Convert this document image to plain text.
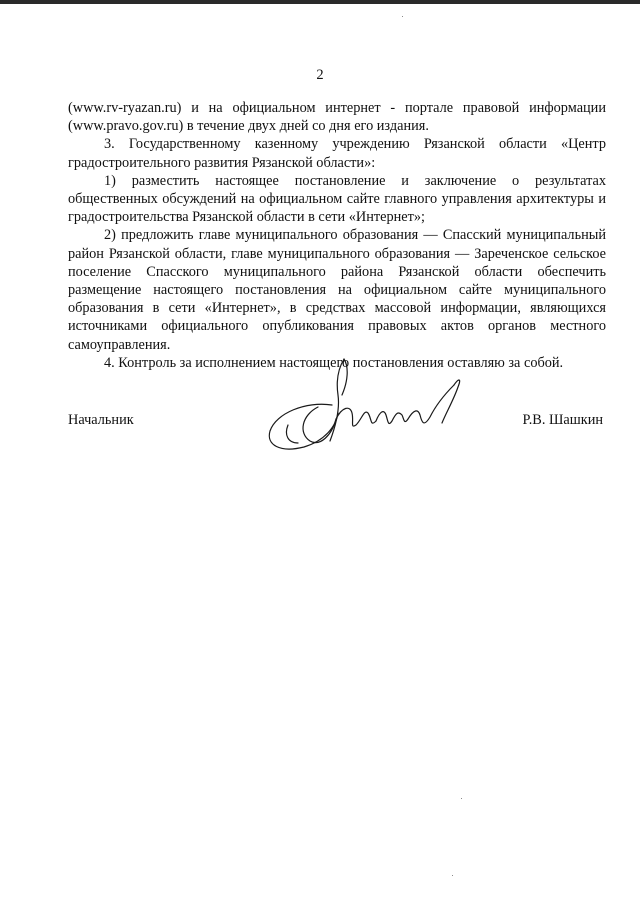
2

(www.rv-ryazan.ru) и на официальном интернет - портале правовой информации (www.pravo.gov.ru) в течение двух дней со дня его издания.

3. Государственному казенному учреждению Рязанской области «Центр градостроительного развития Рязанской области»:

1) разместить настоящее постановление и заключение о результатах общественных обсуждений на официальном сайте главного управления архитектуры и градостроительства Рязанской области в сети «Интернет»;

2) предложить главе муниципального образования — Спасский муниципальный район Рязанской области, главе муниципального образования — Зареченское сельское поселение Спасского муниципального района Рязанской области обеспечить размещение настоящего постановления на официальном сайте муниципального образования в сети «Интернет», в средствах массовой информации, являющихся источниками официального опубликования правовых актов органов местного самоуправления.

4. Контроль за исполнением настоящего постановления оставляю за собой.

Начальник	Р.В. Шашкин
